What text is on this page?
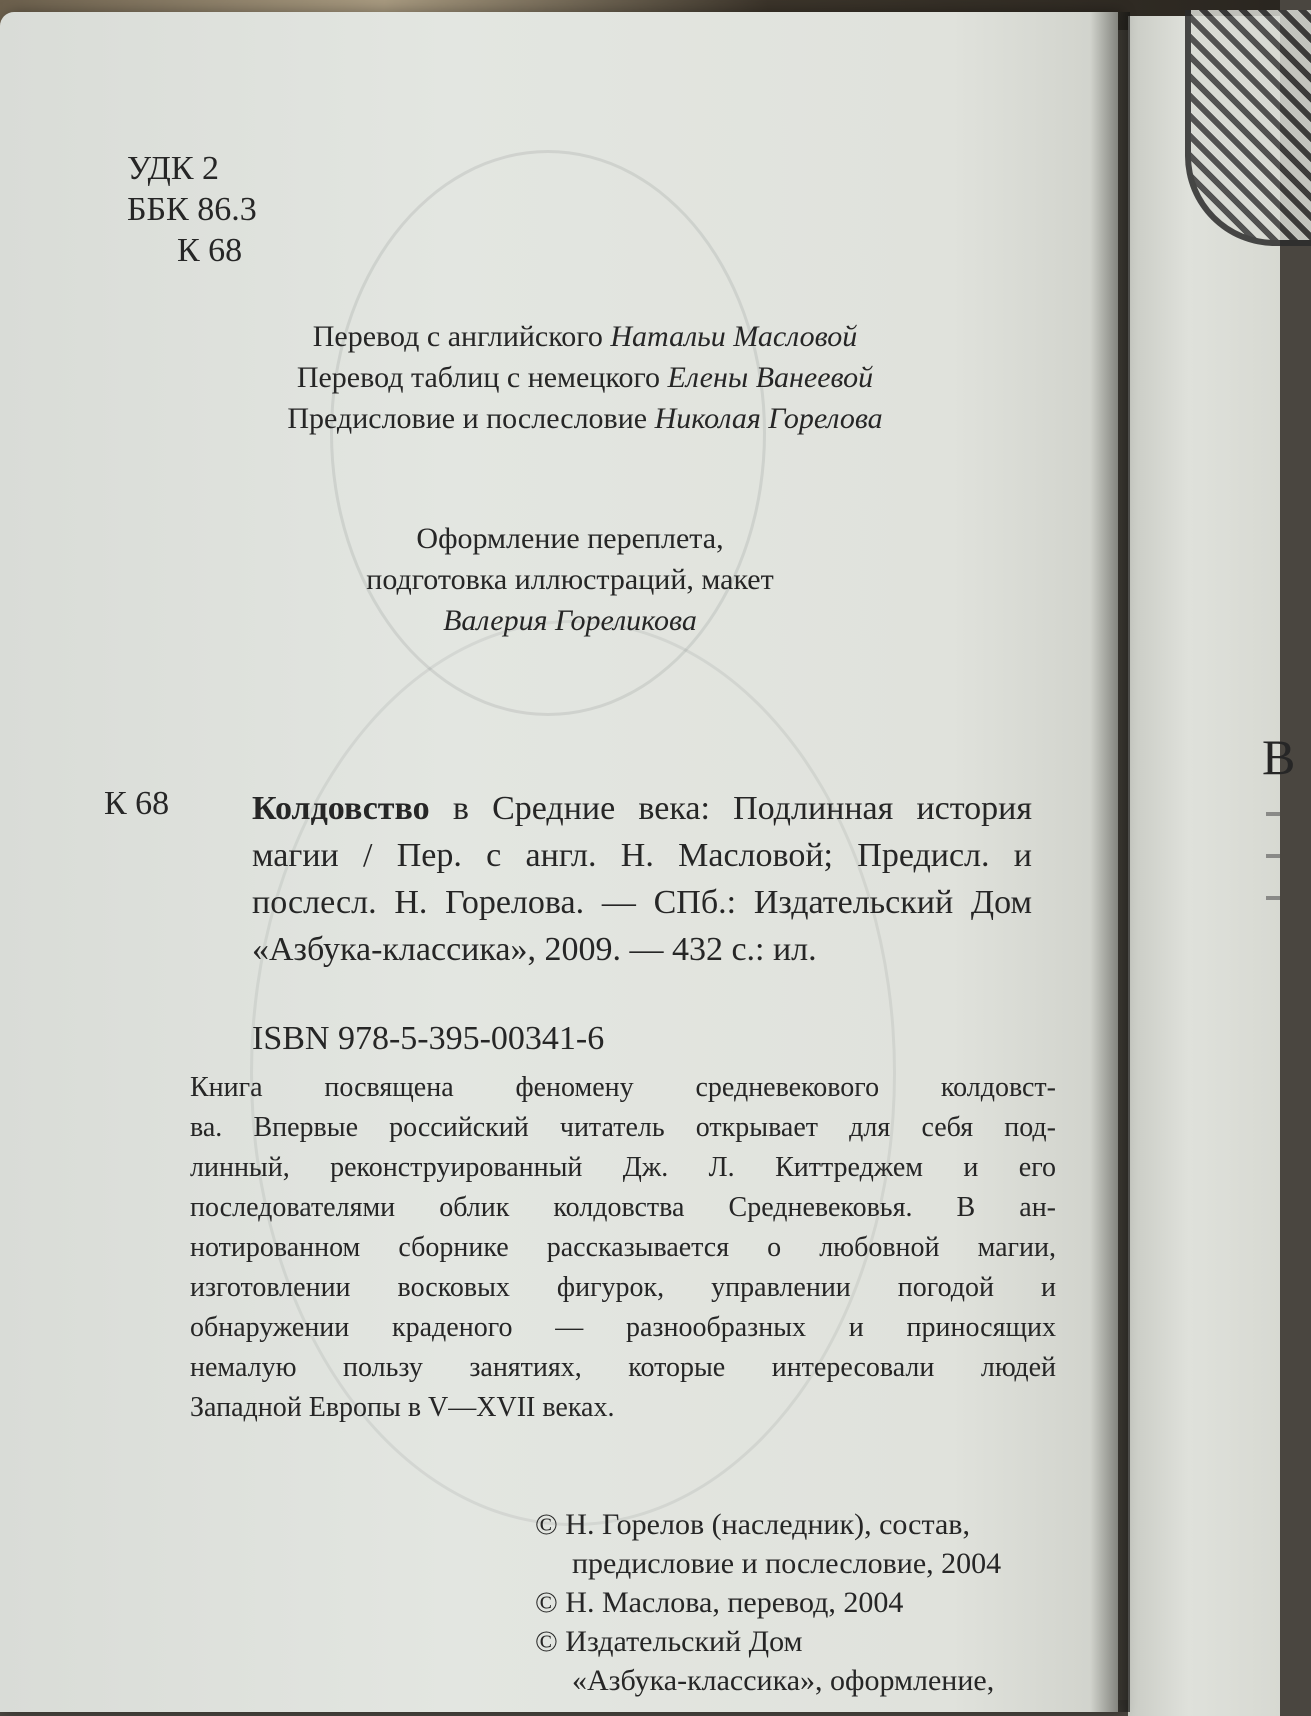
В
УДК 2
ББК 86.3
К 68
Перевод с английского Натальи Масловой
Перевод таблиц с немецкого Елены Ванеевой
Предисловие и послесловие Николая Горелова
Оформление переплета,
подготовка иллюстраций, макет
Валерия Гореликова
К 68 Колдовство в Средние века: Подлинная история магии / Пер. с англ. Н. Масловой; Предисл. и послесл. Н. Горелова. — СПб.: Издательский Дом «Азбука-классика», 2009. — 432 с.: ил.
ISBN 978-5-395-00341-6
Книга посвящена феномену средневекового колдовст-
ва. Впервые российский читатель открывает для себя под-
линный, реконструированный Дж. Л. Киттреджем и его
последователями облик колдовства Средневековья. В ан-
нотированном сборнике рассказывается о любовной магии,
изготовлении восковых фигурок, управлении погодой и
обнаружении краденого — разнообразных и приносящих
немалую пользу занятиях, которые интересовали людей
Западной Европы в V—XVII веках.
© Н. Горелов (наследник), состав,
предисловие и послесловие, 2004
© Н. Маслова, перевод, 2004
© Издательский Дом
«Азбука-классика», оформление,
